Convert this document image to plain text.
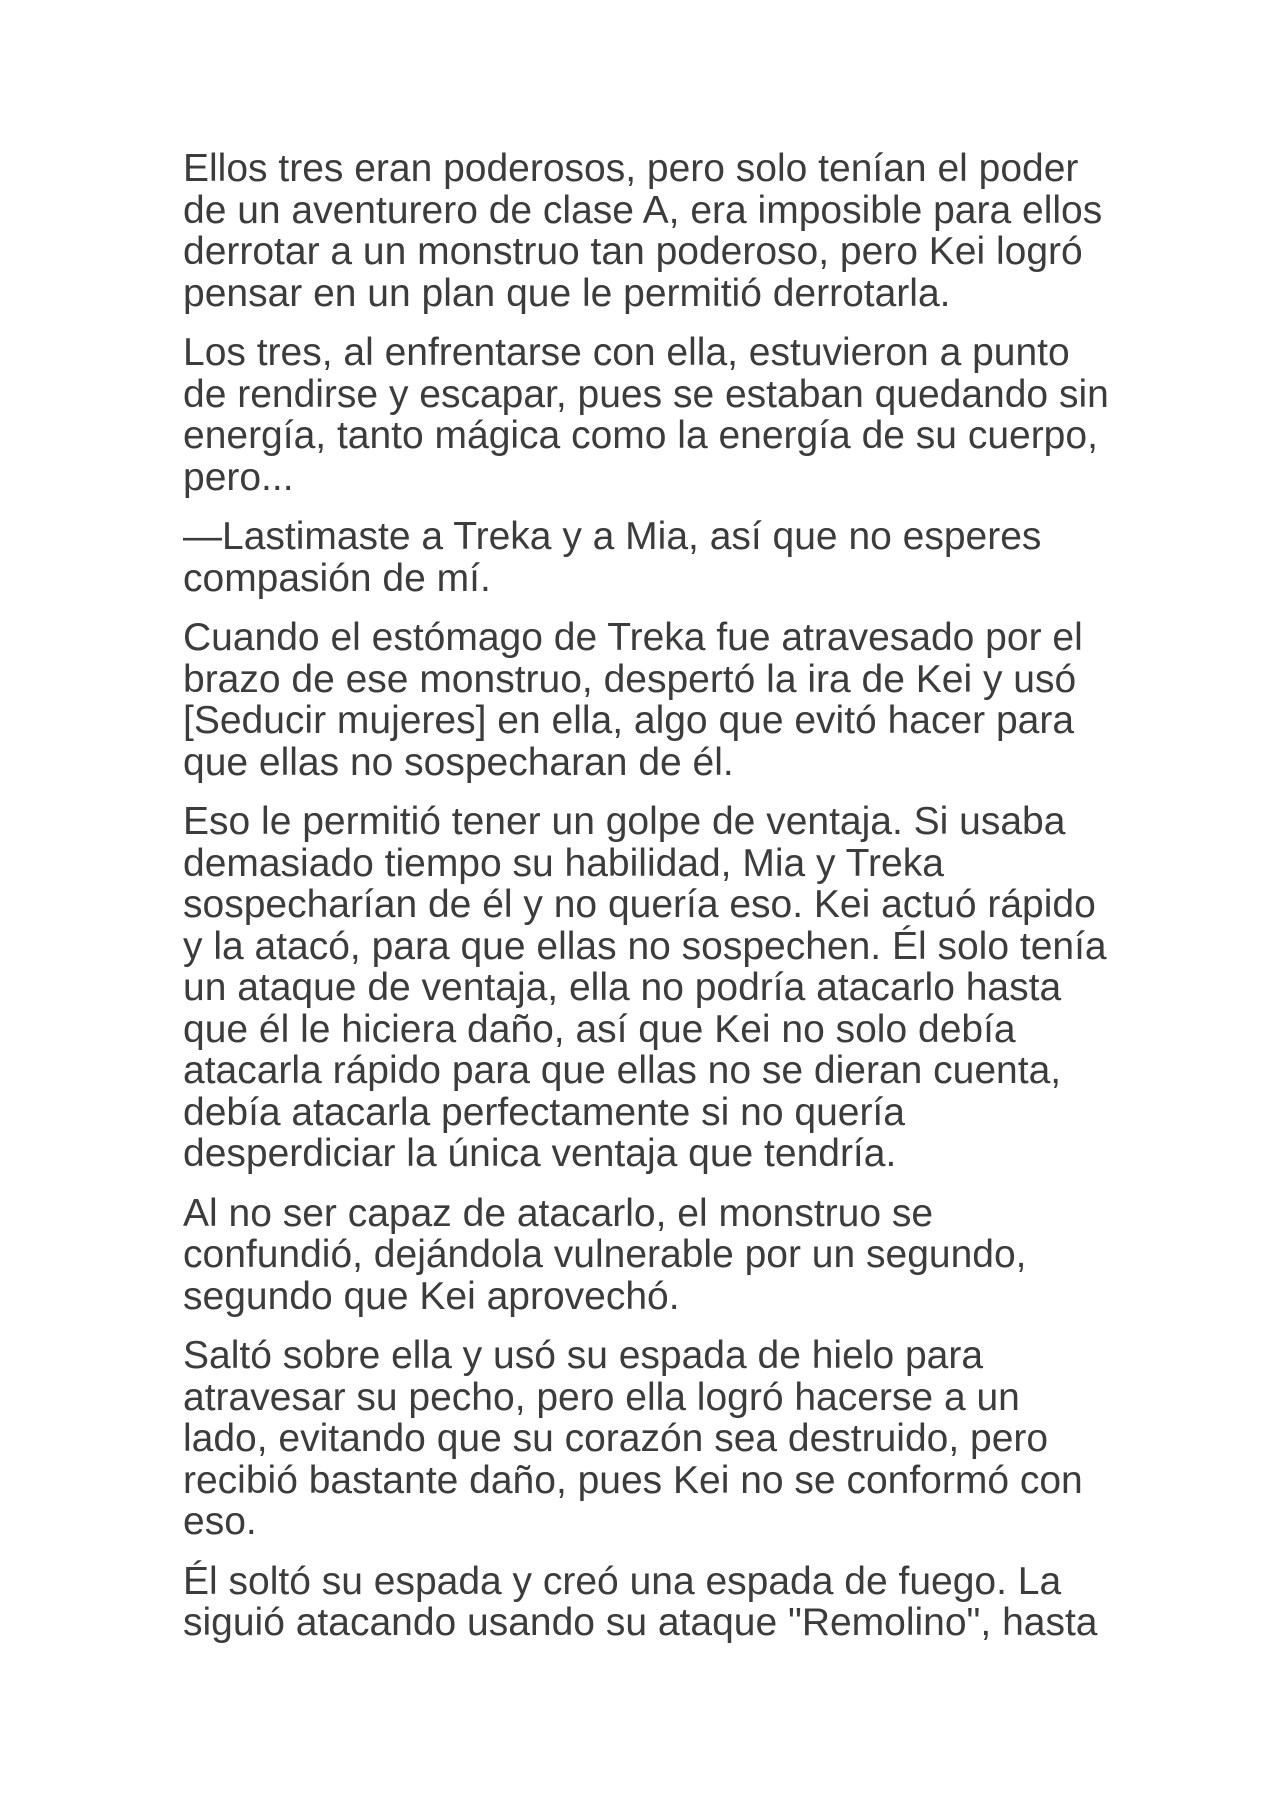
Ellos tres eran poderosos, pero solo tenían el poder de un aventurero de clase A, era imposible para ellos derrotar a un monstruo tan poderoso, pero Kei logró pensar en un plan que le permitió derrotarla.

Los tres, al enfrentarse con ella, estuvieron a punto de rendirse y escapar, pues se estaban quedando sin energía, tanto mágica como la energía de su cuerpo, pero...

—Lastimaste a Treka y a Mia, así que no esperes compasión de mí.

Cuando el estómago de Treka fue atravesado por el brazo de ese monstruo, despertó la ira de Kei y usó [Seducir mujeres] en ella, algo que evitó hacer para que ellas no sospecharan de él.

Eso le permitió tener un golpe de ventaja. Si usaba demasiado tiempo su habilidad, Mia y Treka sospecharían de él y no quería eso. Kei actuó rápido y la atacó, para que ellas no sospechen. Él solo tenía un ataque de ventaja, ella no podría atacarlo hasta que él le hiciera daño, así que Kei no solo debía atacarla rápido para que ellas no se dieran cuenta, debía atacarla perfectamente si no quería desperdiciar la única ventaja que tendría.

Al no ser capaz de atacarlo, el monstruo se confundió, dejándola vulnerable por un segundo, segundo que Kei aprovechó.

Saltó sobre ella y usó su espada de hielo para atravesar su pecho, pero ella logró hacerse a un lado, evitando que su corazón sea destruido, pero recibió bastante daño, pues Kei no se conformó con eso.

Él soltó su espada y creó una espada de fuego. La siguió atacando usando su ataque "Remolino", hasta
